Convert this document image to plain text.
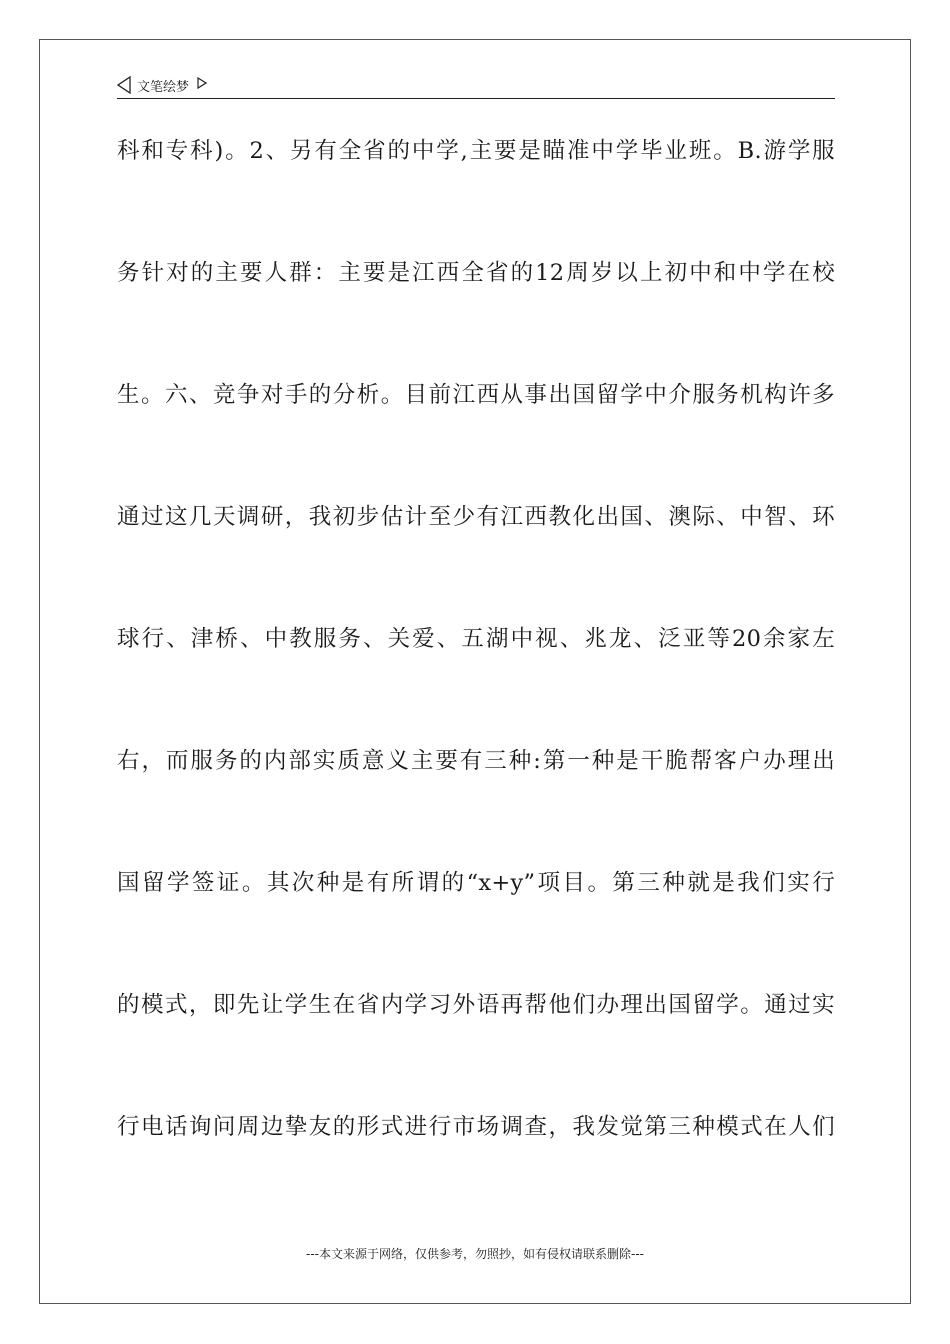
文笔绘梦
科和专科)。2、另有全省的中学,主要是瞄准中学毕业班。B.游学服
务针对的主要人群：主要是江西全省的12周岁以上初中和中学在校
生。六、竞争对手的分析。目前江西从事出国留学中介服务机构许多
通过这几天调研，我初步估计至少有江西教化出国、澳际、中智、环
球行、津桥、中教服务、关爱、五湖中视、兆龙、泛亚等20余家左
右，而服务的内部实质意义主要有三种:第一种是干脆帮客户办理出
国留学签证。其次种是有所谓的“x+y”项目。第三种就是我们实行
的模式，即先让学生在省内学习外语再帮他们办理出国留学。通过实
行电话询问周边挚友的形式进行市场调查，我发觉第三种模式在人们
---本文来源于网络，仅供参考，勿照抄，如有侵权请联系删除---
